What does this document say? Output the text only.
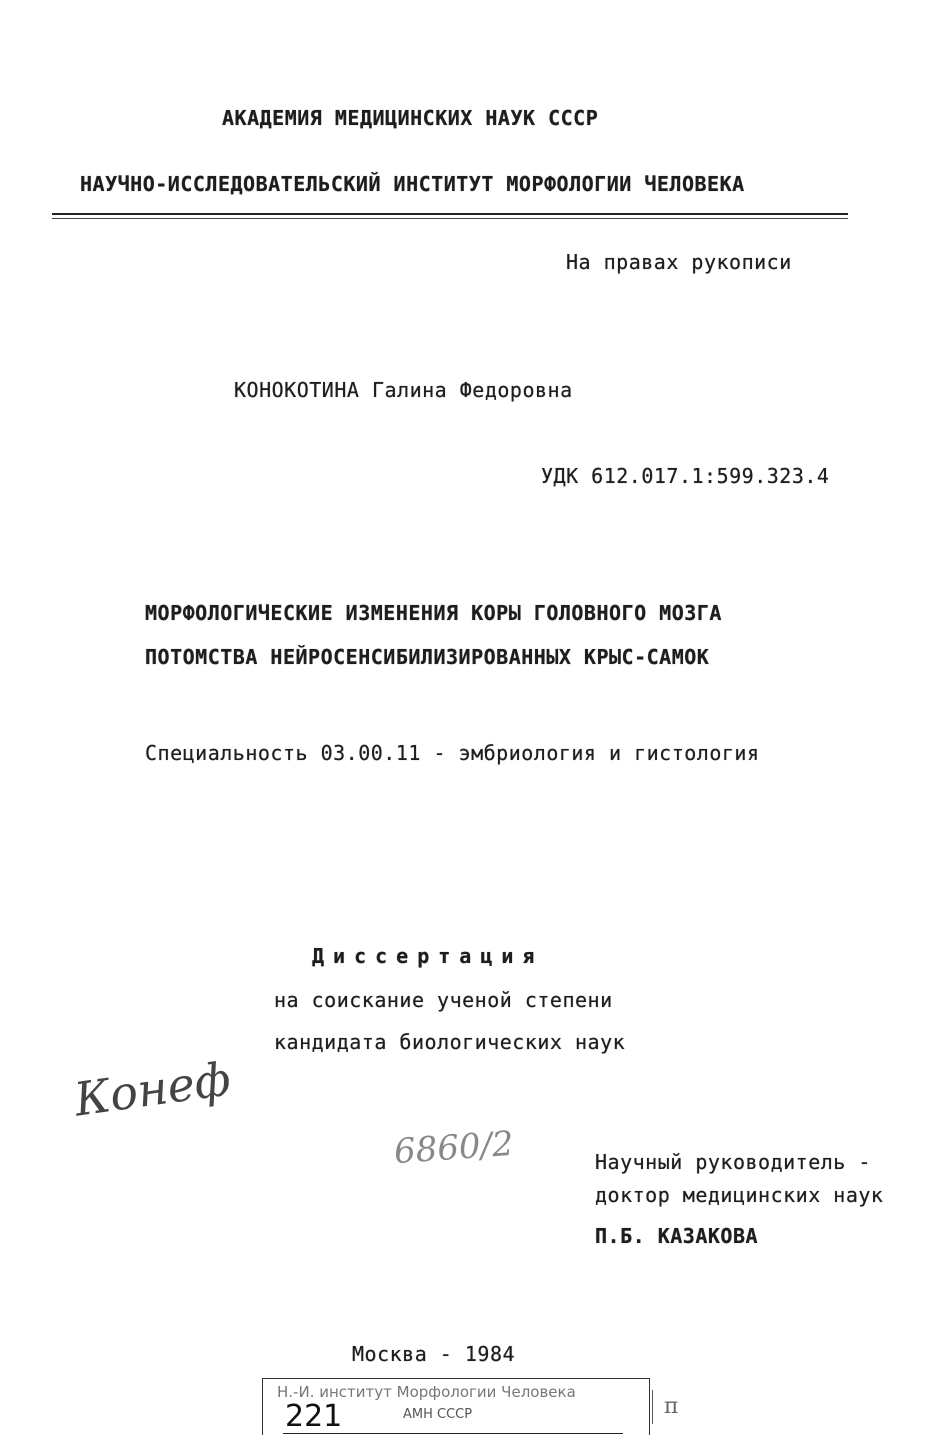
АКАДЕМИЯ МЕДИЦИНСКИХ НАУК СССР
НАУЧНО-ИССЛЕДОВАТЕЛЬСКИЙ ИНСТИТУТ МОРФОЛОГИИ ЧЕЛОВЕКА
На правах рукописи
КОНОКОТИНА Галина Федоровна
УДК 612.017.1:599.323.4
МОРФОЛОГИЧЕСКИЕ ИЗМЕНЕНИЯ КОРЫ ГОЛОВНОГО МОЗГА
ПОТОМСТВА НЕЙРОСЕНСИБИЛИЗИРОВАННЫХ КРЫС-САМОК
Специальность 03.00.11 - эмбриология и гистология
Диссертация
на соискание ученой степени
кандидата биологических наук
Конеф
6860/2	Научный руководитель -
доктор медицинских наук
П.Б. КАЗАКОВА
Москва - 1984
Н.-И. институт Морфологии Человека
221	АМН СССР	п
